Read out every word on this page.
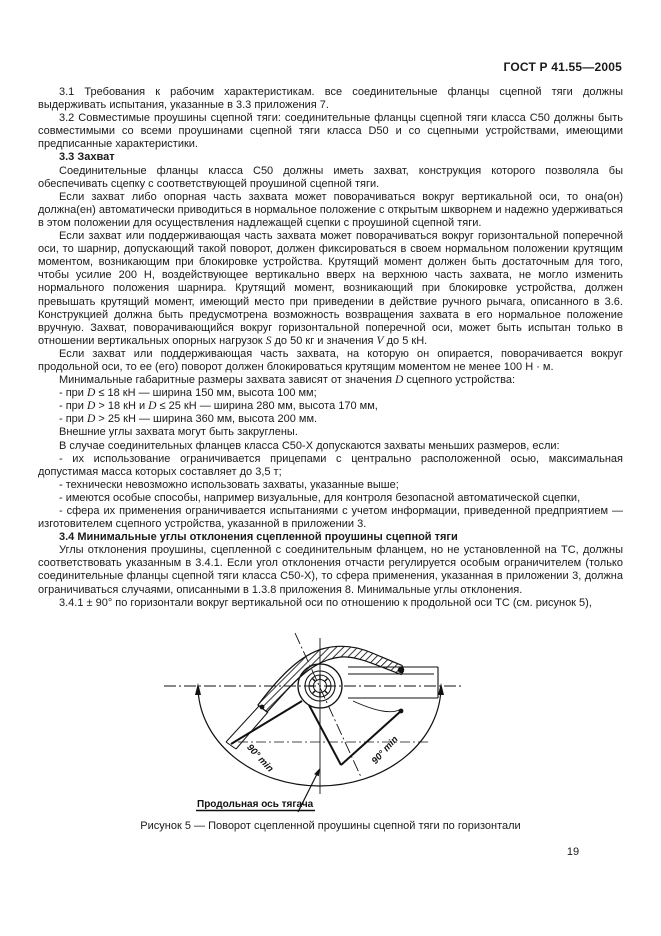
ГОСТ Р 41.55—2005
3.1 Требования к рабочим характеристикам. все соединительные фланцы сцепной тяги должны выдерживать испытания, указанные в 3.3 приложения 7.
3.2 Совместимые проушины сцепной тяги: соединительные фланцы сцепной тяги класса С50 должны быть совместимыми со всеми проушинами сцепной тяги класса D50 и со сцепными устройствами, имеющими предписанные характеристики.
3.3 Захват
Соединительные фланцы класса С50 должны иметь захват, конструкция которого позволяла бы обеспечивать сцепку с соответствующей проушиной сцепной тяги.
Если захват либо опорная часть захвата может поворачиваться вокруг вертикальной оси, то она(он) должна(ен) автоматически приводиться в нормальное положение с открытым шкворнем и надежно удерживаться в этом положении для осуществления надлежащей сцепки с проушиной сцепной тяги.
Если захват или поддерживающая часть захвата может поворачиваться вокруг горизонтальной поперечной оси, то шарнир, допускающий такой поворот, должен фиксироваться в своем нормальном положении крутящим моментом, возникающим при блокировке устройства. Крутящий момент должен быть достаточным для того, чтобы усилие 200 Н, воздействующее вертикально вверх на верхнюю часть захвата, не могло изменить нормального положения шарнира. Крутящий момент, возникающий при блокировке устройства, должен превышать крутящий момент, имеющий место при приведении в действие ручного рычага, описанного в 3.6. Конструкцией должна быть предусмотрена возможность возвращения захвата в его нормальное положение вручную. Захват, поворачивающийся вокруг горизонтальной поперечной оси, может быть испытан только в отношении вертикальных опорных нагрузок S до 50 кг и значения V до 5 кН.
Если захват или поддерживающая часть захвата, на которую он опирается, поворачивается вокруг продольной оси, то ее (его) поворот должен блокироваться крутящим моментом не менее 100 Н · м.
Минимальные габаритные размеры захвата зависят от значения D сцепного устройства:
- при D ≤ 18 кН — ширина 150 мм, высота 100 мм;
- при D > 18 кН и D ≤ 25 кН — ширина 280 мм, высота 170 мм,
- при D > 25 кН — ширина 360 мм, высота 200 мм.
Внешние углы захвата могут быть закруглены.
В случае соединительных фланцев класса С50-Х допускаются захваты меньших размеров, если:
- их использование ограничивается прицепами с центрально расположенной осью, максимальная допустимая масса которых составляет до 3,5 т;
- технически невозможно использовать захваты, указанные выше;
- имеются особые способы, например визуальные, для контроля безопасной автоматической сцепки,
- сфера их применения ограничивается испытаниями с учетом информации, приведенной предприятием — изготовителем сцепного устройства, указанной в приложении 3.
3.4 Минимальные углы отклонения сцепленной проушины сцепной тяги
Углы отклонения проушины, сцепленной с соединительным фланцем, но не установленной на ТС, должны соответствовать указанным в 3.4.1. Если угол отклонения отчасти регулируется особым ограничителем (только соединительные фланцы сцепной тяги класса С50-Х), то сфера применения, указанная в приложении 3, должна ограничиваться случаями, описанными в 1.3.8 приложения 8. Минимальные углы отклонения.
3.4.1 ± 90° по горизонтали вокруг вертикальной оси по отношению к продольной оси ТС (см. рисунок 5),
90° min	90° min
Продольная ось тягача
Рисунок 5 — Поворот сцепленной проушины сцепной тяги по горизонтали
19
